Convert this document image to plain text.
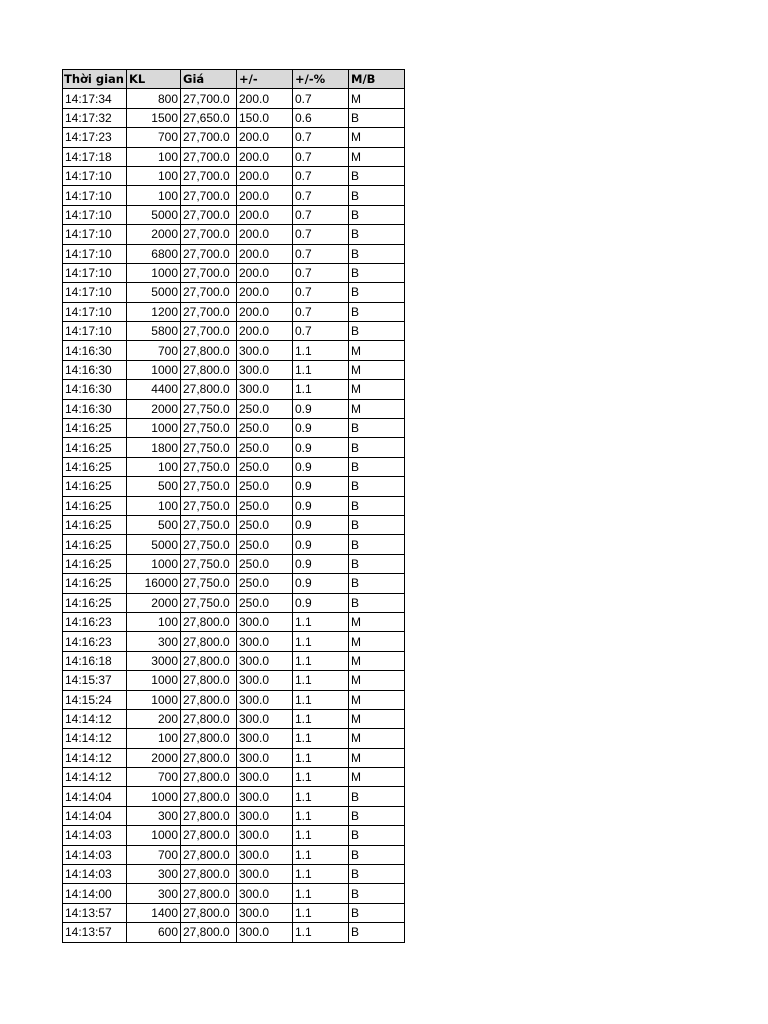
Thời gian	KL	Giá	+/-	+/-%	M/B
14:17:34	800	27,700.0	200.0	0.7	M
14:17:32	1500	27,650.0	150.0	0.6	B
14:17:23	700	27,700.0	200.0	0.7	M
14:17:18	100	27,700.0	200.0	0.7	M
14:17:10	100	27,700.0	200.0	0.7	B
14:17:10	100	27,700.0	200.0	0.7	B
14:17:10	5000	27,700.0	200.0	0.7	B
14:17:10	2000	27,700.0	200.0	0.7	B
14:17:10	6800	27,700.0	200.0	0.7	B
14:17:10	1000	27,700.0	200.0	0.7	B
14:17:10	5000	27,700.0	200.0	0.7	B
14:17:10	1200	27,700.0	200.0	0.7	B
14:17:10	5800	27,700.0	200.0	0.7	B
14:16:30	700	27,800.0	300.0	1.1	M
14:16:30	1000	27,800.0	300.0	1.1	M
14:16:30	4400	27,800.0	300.0	1.1	M
14:16:30	2000	27,750.0	250.0	0.9	M
14:16:25	1000	27,750.0	250.0	0.9	B
14:16:25	1800	27,750.0	250.0	0.9	B
14:16:25	100	27,750.0	250.0	0.9	B
14:16:25	500	27,750.0	250.0	0.9	B
14:16:25	100	27,750.0	250.0	0.9	B
14:16:25	500	27,750.0	250.0	0.9	B
14:16:25	5000	27,750.0	250.0	0.9	B
14:16:25	1000	27,750.0	250.0	0.9	B
14:16:25	16000	27,750.0	250.0	0.9	B
14:16:25	2000	27,750.0	250.0	0.9	B
14:16:23	100	27,800.0	300.0	1.1	M
14:16:23	300	27,800.0	300.0	1.1	M
14:16:18	3000	27,800.0	300.0	1.1	M
14:15:37	1000	27,800.0	300.0	1.1	M
14:15:24	1000	27,800.0	300.0	1.1	M
14:14:12	200	27,800.0	300.0	1.1	M
14:14:12	100	27,800.0	300.0	1.1	M
14:14:12	2000	27,800.0	300.0	1.1	M
14:14:12	700	27,800.0	300.0	1.1	M
14:14:04	1000	27,800.0	300.0	1.1	B
14:14:04	300	27,800.0	300.0	1.1	B
14:14:03	1000	27,800.0	300.0	1.1	B
14:14:03	700	27,800.0	300.0	1.1	B
14:14:03	300	27,800.0	300.0	1.1	B
14:14:00	300	27,800.0	300.0	1.1	B
14:13:57	1400	27,800.0	300.0	1.1	B
14:13:57	600	27,800.0	300.0	1.1	B
